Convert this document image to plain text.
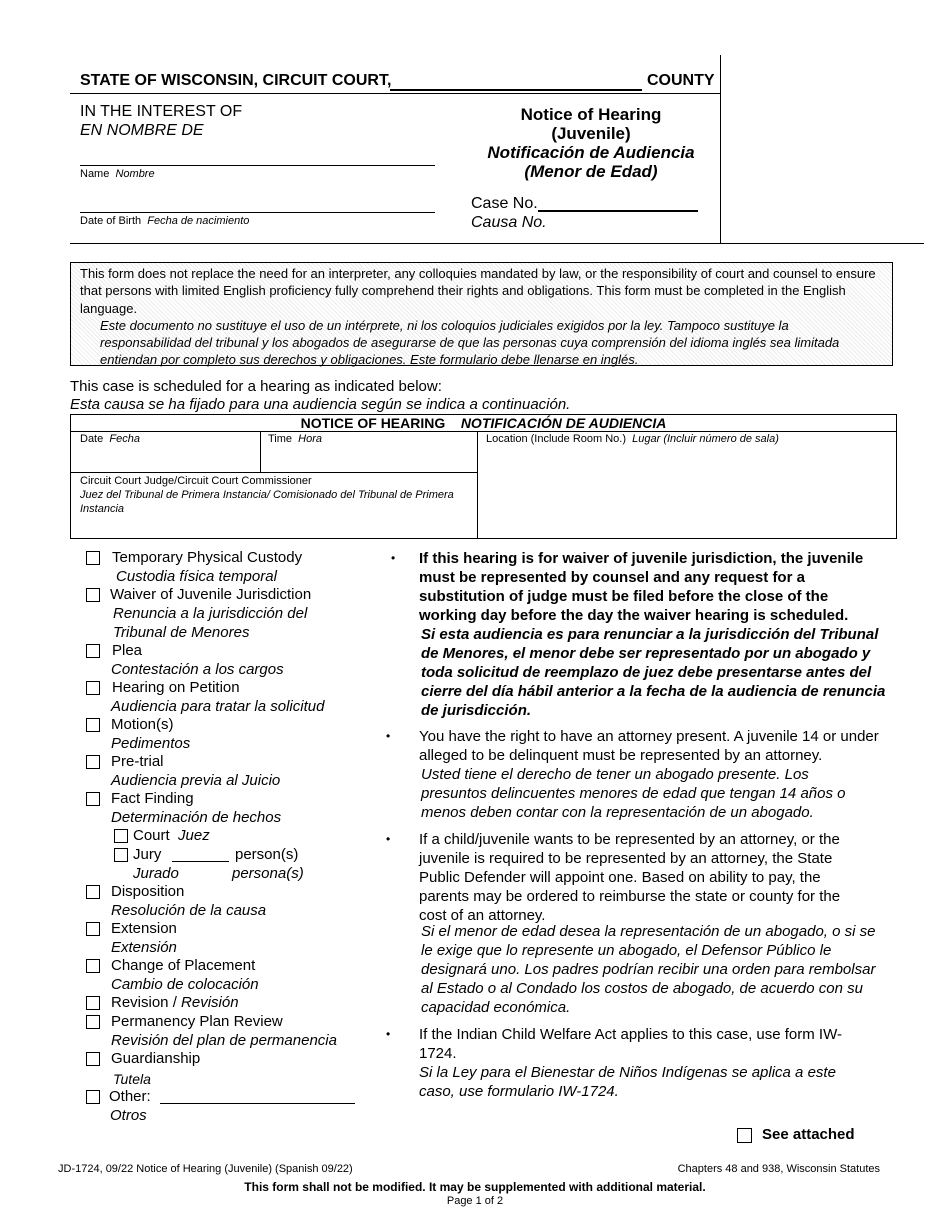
STATE OF WISCONSIN, CIRCUIT COURT,	COUNTY
IN THE INTEREST OF
EN NOMBRE DE
Name Nombre
Date of Birth Fecha de nacimiento
Notice of Hearing
(Juvenile)
Notificación de Audiencia
(Menor de Edad)
Case No.
Causa No.
This form does not replace the need for an interpreter, any colloquies mandated by law, or the responsibility of court and counsel to ensure that persons with limited English proficiency fully comprehend their rights and obligations. This form must be completed in the English language.
Este documento no sustituye el uso de un intérprete, ni los coloquios judiciales exigidos por la ley. Tampoco sustituye la responsabilidad del tribunal y los abogados de asegurarse de que las personas cuya comprensión del idioma inglés sea limitada entiendan por completo sus derechos y obligaciones. Este formulario debe llenarse en inglés.
This case is scheduled for a hearing as indicated below:
Esta causa se ha fijado para una audiencia según se indica a continuación.
NOTICE OF HEARING NOTIFICACIÓN DE AUDIENCIA
Date Fecha	Time Hora	Location (Include Room No.) Lugar (Incluir número de sala)
Circuit Court Judge/Circuit Court Commissioner
Juez del Tribunal de Primera Instancia/ Comisionado del Tribunal de Primera Instancia
Temporary Physical Custody
Custodia física temporal
Waiver of Juvenile Jurisdiction
Renuncia a la jurisdicción del
Tribunal de Menores
Plea
Contestación a los cargos
Hearing on Petition
Audiencia para tratar la solicitud
Motion(s)
Pedimentos
Pre-trial
Audiencia previa al Juicio
Fact Finding
Determinación de hechos
Court Juez
Jury	person(s)
Jurado	persona(s)
Disposition
Resolución de la causa
Extension
Extensión
Change of Placement
Cambio de colocación
Revision / Revisión
Permanency Plan Review
Revisión del plan de permanencia
Guardianship
Tutela
Other:
Otros
• If this hearing is for waiver of juvenile jurisdiction, the juvenile must be represented by counsel and any request for a substitution of judge must be filed before the close of the working day before the day the waiver hearing is scheduled.
Si esta audiencia es para renunciar a la jurisdicción del Tribunal de Menores, el menor debe ser representado por un abogado y toda solicitud de reemplazo de juez debe presentarse antes del cierre del día hábil anterior a la fecha de la audiencia de renuncia de jurisdicción.
• You have the right to have an attorney present. A juvenile 14 or under alleged to be delinquent must be represented by an attorney.
Usted tiene el derecho de tener un abogado presente. Los presuntos delincuentes menores de edad que tengan 14 años o menos deben contar con la representación de un abogado.
• If a child/juvenile wants to be represented by an attorney, or the juvenile is required to be represented by an attorney, the State Public Defender will appoint one. Based on ability to pay, the parents may be ordered to reimburse the state or county for the cost of an attorney.
Si el menor de edad desea la representación de un abogado, o si se le exige que lo represente un abogado, el Defensor Público le designará uno. Los padres podrían recibir una orden para rembolsar al Estado o al Condado los costos de abogado, de acuerdo con su capacidad económica.
• If the Indian Child Welfare Act applies to this case, use form IW-1724.
Si la Ley para el Bienestar de Niños Indígenas se aplica a este caso, use formulario IW-1724.
See attached
JD-1724, 09/22 Notice of Hearing (Juvenile) (Spanish 09/22)	Chapters 48 and 938, Wisconsin Statutes
This form shall not be modified. It may be supplemented with additional material.
Page 1 of 2
